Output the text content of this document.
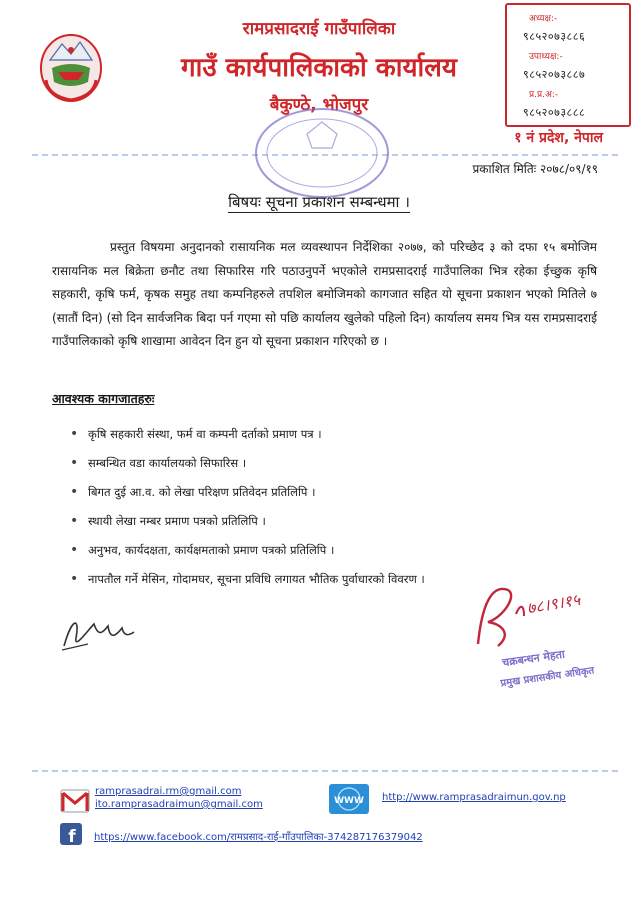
रामप्रसादराई गाउँपालिका
गाउँ कार्यपालिकाको कार्यालय
बैकुण्ठे, भोजपुर
अध्यक्ष:-
९८५२०७३८८६
उपाध्यक्ष:-
९८५२०७३८८७
प्र.प्र.अ:-
९८५२०७३८८८
१ नं प्रदेश, नेपाल
प्रकाशित मितिः २०७८/०९/१९
बिषयः सूचना प्रकाशन सम्बन्धमा ।
प्रस्तुत विषयमा अनुदानको रासायनिक मल व्यवस्थापन निर्देशिका २०७७, को परिच्छेद ३ को दफा १५ बमोजिम रासायनिक मल बिक्रेता छनौट तथा सिफारिस गरि पठाउनुपर्ने भएकोले रामप्रसादराई गाउँपालिका भित्र रहेका ईच्छुक कृषि सहकारी, कृषि फर्म, कृषक समुह तथा कम्पनिहरुले तपशिल बमोजिमको कागजात सहित यो सूचना प्रकाशन भएको मितिले ७ (सातौं दिन) (सो दिन सार्वजनिक बिदा पर्न गएमा सो पछि कार्यालय खुलेको पहिलो दिन) कार्यालय समय भित्र यस रामप्रसादराई गाउँपालिकाको कृषि शाखामा आवेदन दिन हुन यो सूचना प्रकाशन गरिएको छ ।
आवश्यक कागजातहरुः
• कृषि सहकारी संस्था, फर्म वा कम्पनी दर्ताको प्रमाण पत्र ।
• सम्बन्धित वडा कार्यालयको सिफारिस ।
• बिगत दुई आ.व. को लेखा परिक्षण प्रतिवेदन प्रतिलिपि ।
• स्थायी लेखा नम्बर प्रमाण पत्रको प्रतिलिपि ।
• अनुभव, कार्यदक्षता, कार्यक्षमताको प्रमाण पत्रको प्रतिलिपि ।
• नापतौल गर्ने मेसिन, गोदामघर, सूचना प्रविधि लगायत भौतिक पुर्वाधारको विवरण ।
७८।९।१५
चक्रबन्धन मेहता
प्रमुख प्रशासकीय अधिकृत
ramprasadrai.rm@gmail.com
ito.ramprasadraimun@gmail.com	WWW http://www.ramprasadraimun.gov.np
f https://www.facebook.com/रामप्रसाद-राई-गाँउपालिका-374287176379042
